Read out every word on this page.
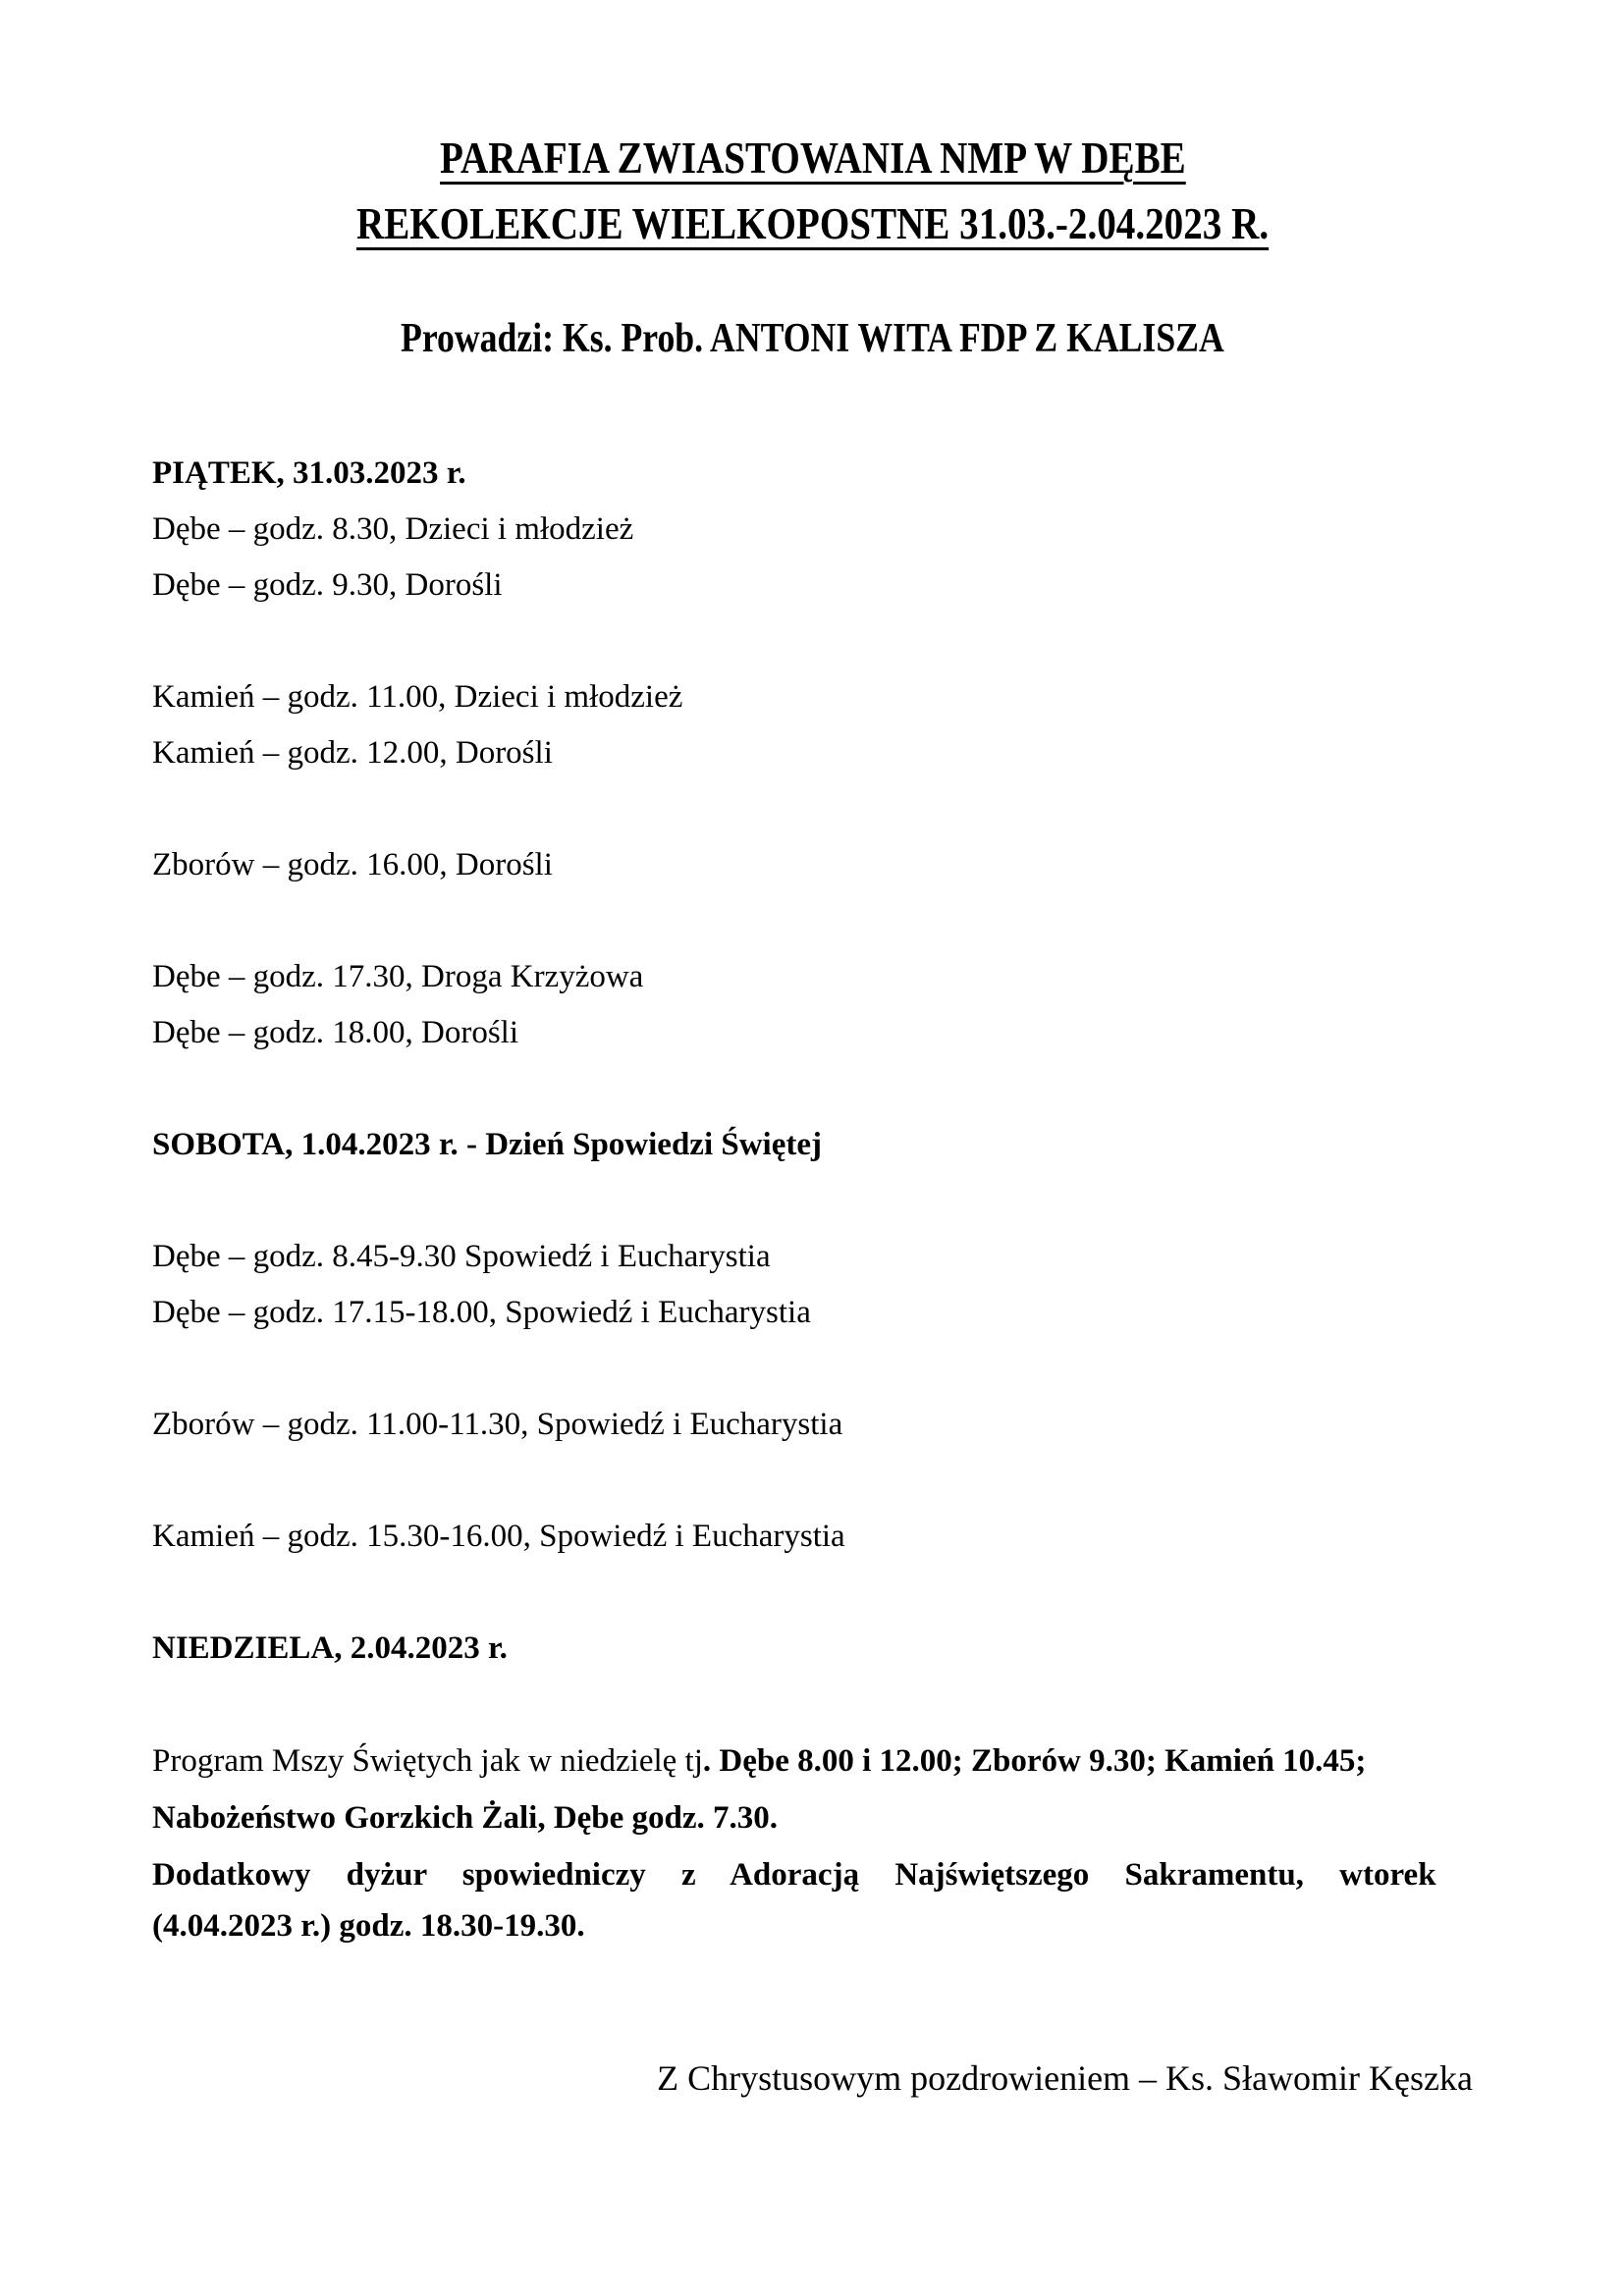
PARAFIA ZWIASTOWANIA NMP W DĘBE
REKOLEKCJE WIELKOPOSTNE 31.03.-2.04.2023 R.
Prowadzi: Ks. Prob. ANTONI WITA FDP Z KALISZA
PIĄTEK, 31.03.2023 r.
Dębe – godz. 8.30, Dzieci i młodzież
Dębe – godz. 9.30, Dorośli
Kamień – godz. 11.00, Dzieci i młodzież
Kamień – godz. 12.00, Dorośli
Zborów – godz. 16.00, Dorośli
Dębe – godz. 17.30, Droga Krzyżowa
Dębe – godz. 18.00, Dorośli
SOBOTA, 1.04.2023 r. - Dzień Spowiedzi Świętej
Dębe – godz. 8.45-9.30 Spowiedź i Eucharystia
Dębe – godz. 17.15-18.00, Spowiedź i Eucharystia
Zborów – godz. 11.00-11.30, Spowiedź i Eucharystia
Kamień – godz. 15.30-16.00, Spowiedź i Eucharystia
NIEDZIELA, 2.04.2023 r.
Program Mszy Świętych jak w niedzielę tj. Dębe 8.00 i 12.00; Zborów 9.30; Kamień 10.45;
Nabożeństwo Gorzkich Żali, Dębe godz. 7.30.
Dodatkowy dyżur spowiedniczy z Adoracją Najświętszego Sakramentu, wtorek
(4.04.2023 r.) godz. 18.30-19.30.
Z Chrystusowym pozdrowieniem – Ks. Sławomir Kęszka
